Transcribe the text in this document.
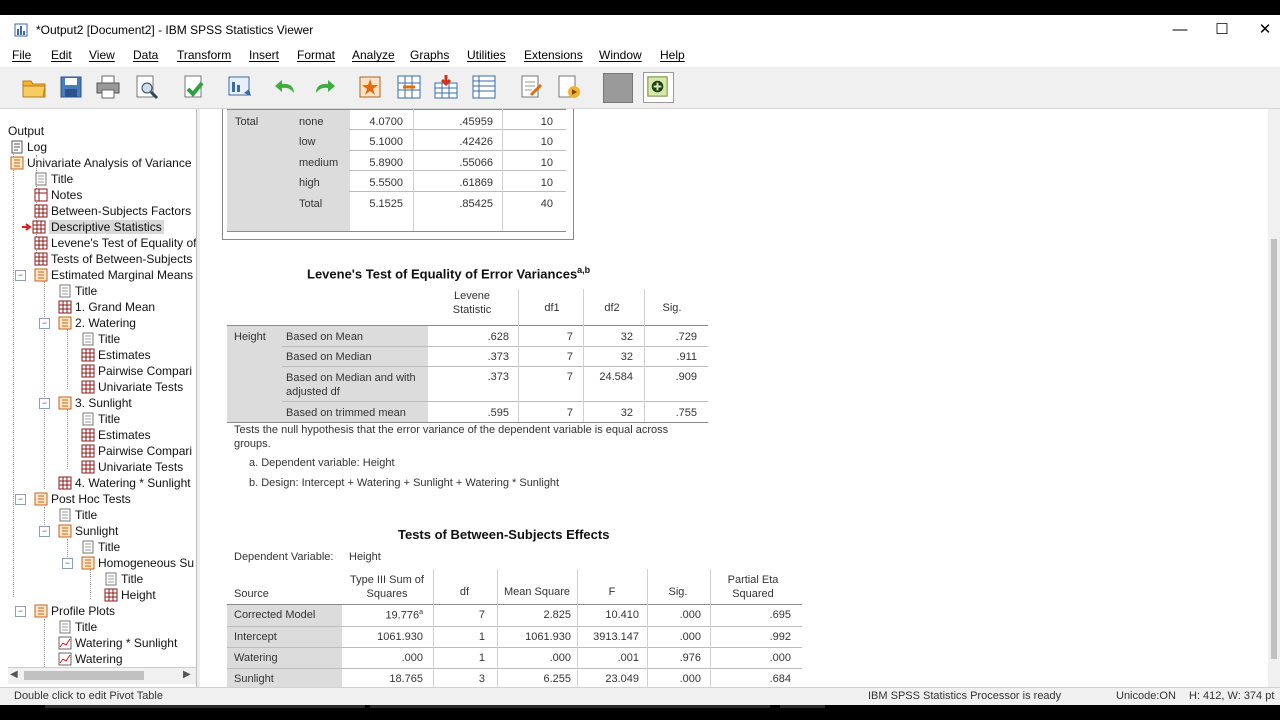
*Output2 [Document2] - IBM SPSS Statistics Viewer	—	☐	✕
File Edit View Data Transform Insert Format Analyze Graphs Utilities Extensions Window Help
Output
Log
Univariate Analysis of Variance
Title
Notes
Between-Subjects Factors
Descriptive Statistics
Levene's Test of Equality of
Tests of Between-Subjects
−	Estimated Marginal Means
Title
1. Grand Mean
−	2. Watering
Title
Estimates
Pairwise Compari
Univariate Tests
−	3. Sunlight
Title
Estimates
Pairwise Compari
Univariate Tests
4. Watering * Sunlight
−	Post Hoc Tests
Title
−	Sunlight
Title
−	Homogeneous Su
Title
Height
−	Profile Plots
Title
Watering * Sunlight
Watering
◀	▶
Total	none	4.0700	.45959	10
low	5.1000	.42426	10
medium	5.8900	.55066	10
high	5.5500	.61869	10
Total	5.1525	.85425	40
Levene's Test of Equality of Error Variances$^{a,b}$
Levene Statistic	df1	df2	Sig.
Height Based on Mean	.628	7	32	.729
Based on Median	.373	7	32	.911
Based on Median and with adjusted df
.373	7	24.584	.909
Based on trimmed mean	.595	7	32	.755
Tests the null hypothesis that the error variance of the dependent variable is equal across groups.
a. Dependent variable: Height
b. Design: Intercept + Watering + Sunlight + Watering * Sunlight
Tests of Between-Subjects Effects
Dependent Variable: Height
Source
Type III Sum of Squares	df	Mean Square	F	Sig.
Partial Eta Squared
Corrected Model	19.776$^a$	7	2.825	10.410	.000	.695
Intercept	1061.930	1	1061.930	3913.147	.000	.992
Watering	.000	1	.000	.001	.976	.000
Sunlight	18.765	3	6.255	23.049	.000	.684
Double click to edit Pivot Table	IBM SPSS Statistics Processor is ready	Unicode:ON H: 412, W: 374 pt
